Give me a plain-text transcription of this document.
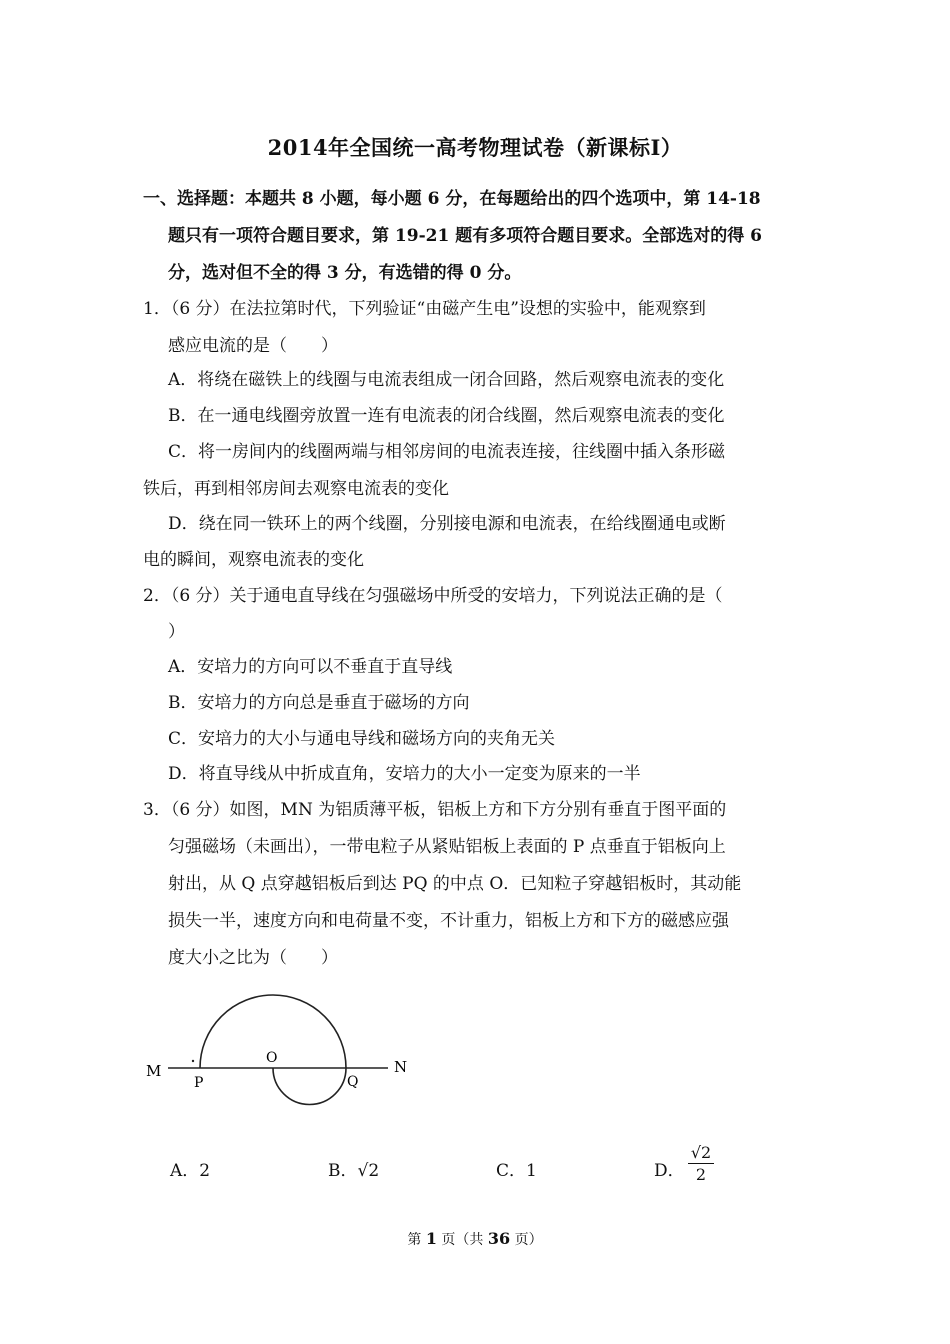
2014年全国统一高考物理试卷（新课标Ⅰ）
一、选择题：本题共 8 小题，每小题 6 分，在每题给出的四个选项中，第 14-18
题只有一项符合题目要求，第 19-21 题有多项符合题目要求。全部选对的得 6
分，选对但不全的得 3 分，有选错的得 0 分。
1．（6 分）在法拉第时代，下列验证“由磁产生电”设想的实验中，能观察到
感应电流的是（　　）
A．将绕在磁铁上的线圈与电流表组成一闭合回路，然后观察电流表的变化
B．在一通电线圈旁放置一连有电流表的闭合线圈，然后观察电流表的变化
C．将一房间内的线圈两端与相邻房间的电流表连接，往线圈中插入条形磁
铁后，再到相邻房间去观察电流表的变化
D．绕在同一铁环上的两个线圈，分别接电源和电流表，在给线圈通电或断
电的瞬间，观察电流表的变化
2．（6 分）关于通电直导线在匀强磁场中所受的安培力，下列说法正确的是（
）
A．安培力的方向可以不垂直于直导线
B．安培力的方向总是垂直于磁场的方向
C．安培力的大小与通电导线和磁场方向的夹角无关
D．将直导线从中折成直角，安培力的大小一定变为原来的一半
3．（6 分）如图，MN 为铝质薄平板，铝板上方和下方分别有垂直于图平面的
匀强磁场（未画出），一带电粒子从紧贴铝板上表面的 P 点垂直于铝板向上
射出，从 Q 点穿越铝板后到达 PQ 的中点 O．已知粒子穿越铝板时，其动能
损失一半，速度方向和电荷量不变，不计重力，铝板上方和下方的磁感应强
度大小之比为（　　）
M	N
P
O
Q
A．2	B．√2	C．1	D． $\frac{√2}{2}$
第 1 页（共 36 页）
